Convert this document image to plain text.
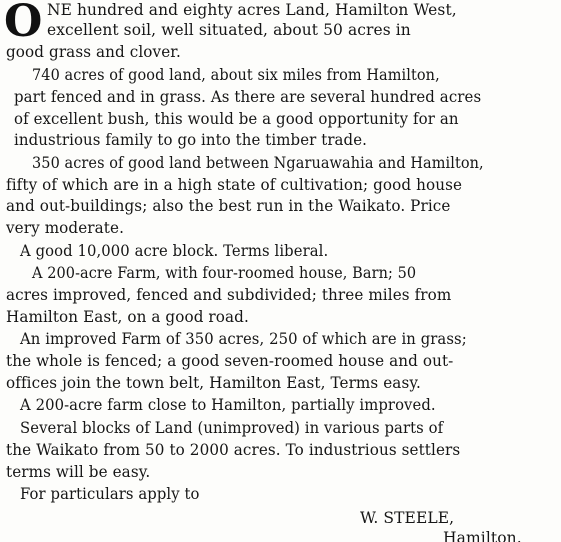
O NE hundred and eighty acres Land, Hamilton West,
excellent soil, well situated, about 50 acres in
good grass and clover.
740 acres of good land, about six miles from Hamilton,
part fenced and in grass. As there are several hundred acres
of excellent bush, this would be a good opportunity for an
industrious family to go into the timber trade.
350 acres of good land between Ngaruawahia and Hamilton,
fifty of which are in a high state of cultivation; good house
and out-buildings; also the best run in the Waikato. Price
very moderate.
A good 10,000 acre block. Terms liberal.
A 200-acre Farm, with four-roomed house, Barn; 50
acres improved, fenced and subdivided; three miles from
Hamilton East, on a good road.
An improved Farm of 350 acres, 250 of which are in grass;
the whole is fenced; a good seven-roomed house and out-
offices join the town belt, Hamilton East, Terms easy.
A 200-acre farm close to Hamilton, partially improved.
Several blocks of Land (unimproved) in various parts of
the Waikato from 50 to 2000 acres. To industrious settlers
terms will be easy.
For particulars apply to
W. STEELE,
Hamilton.
